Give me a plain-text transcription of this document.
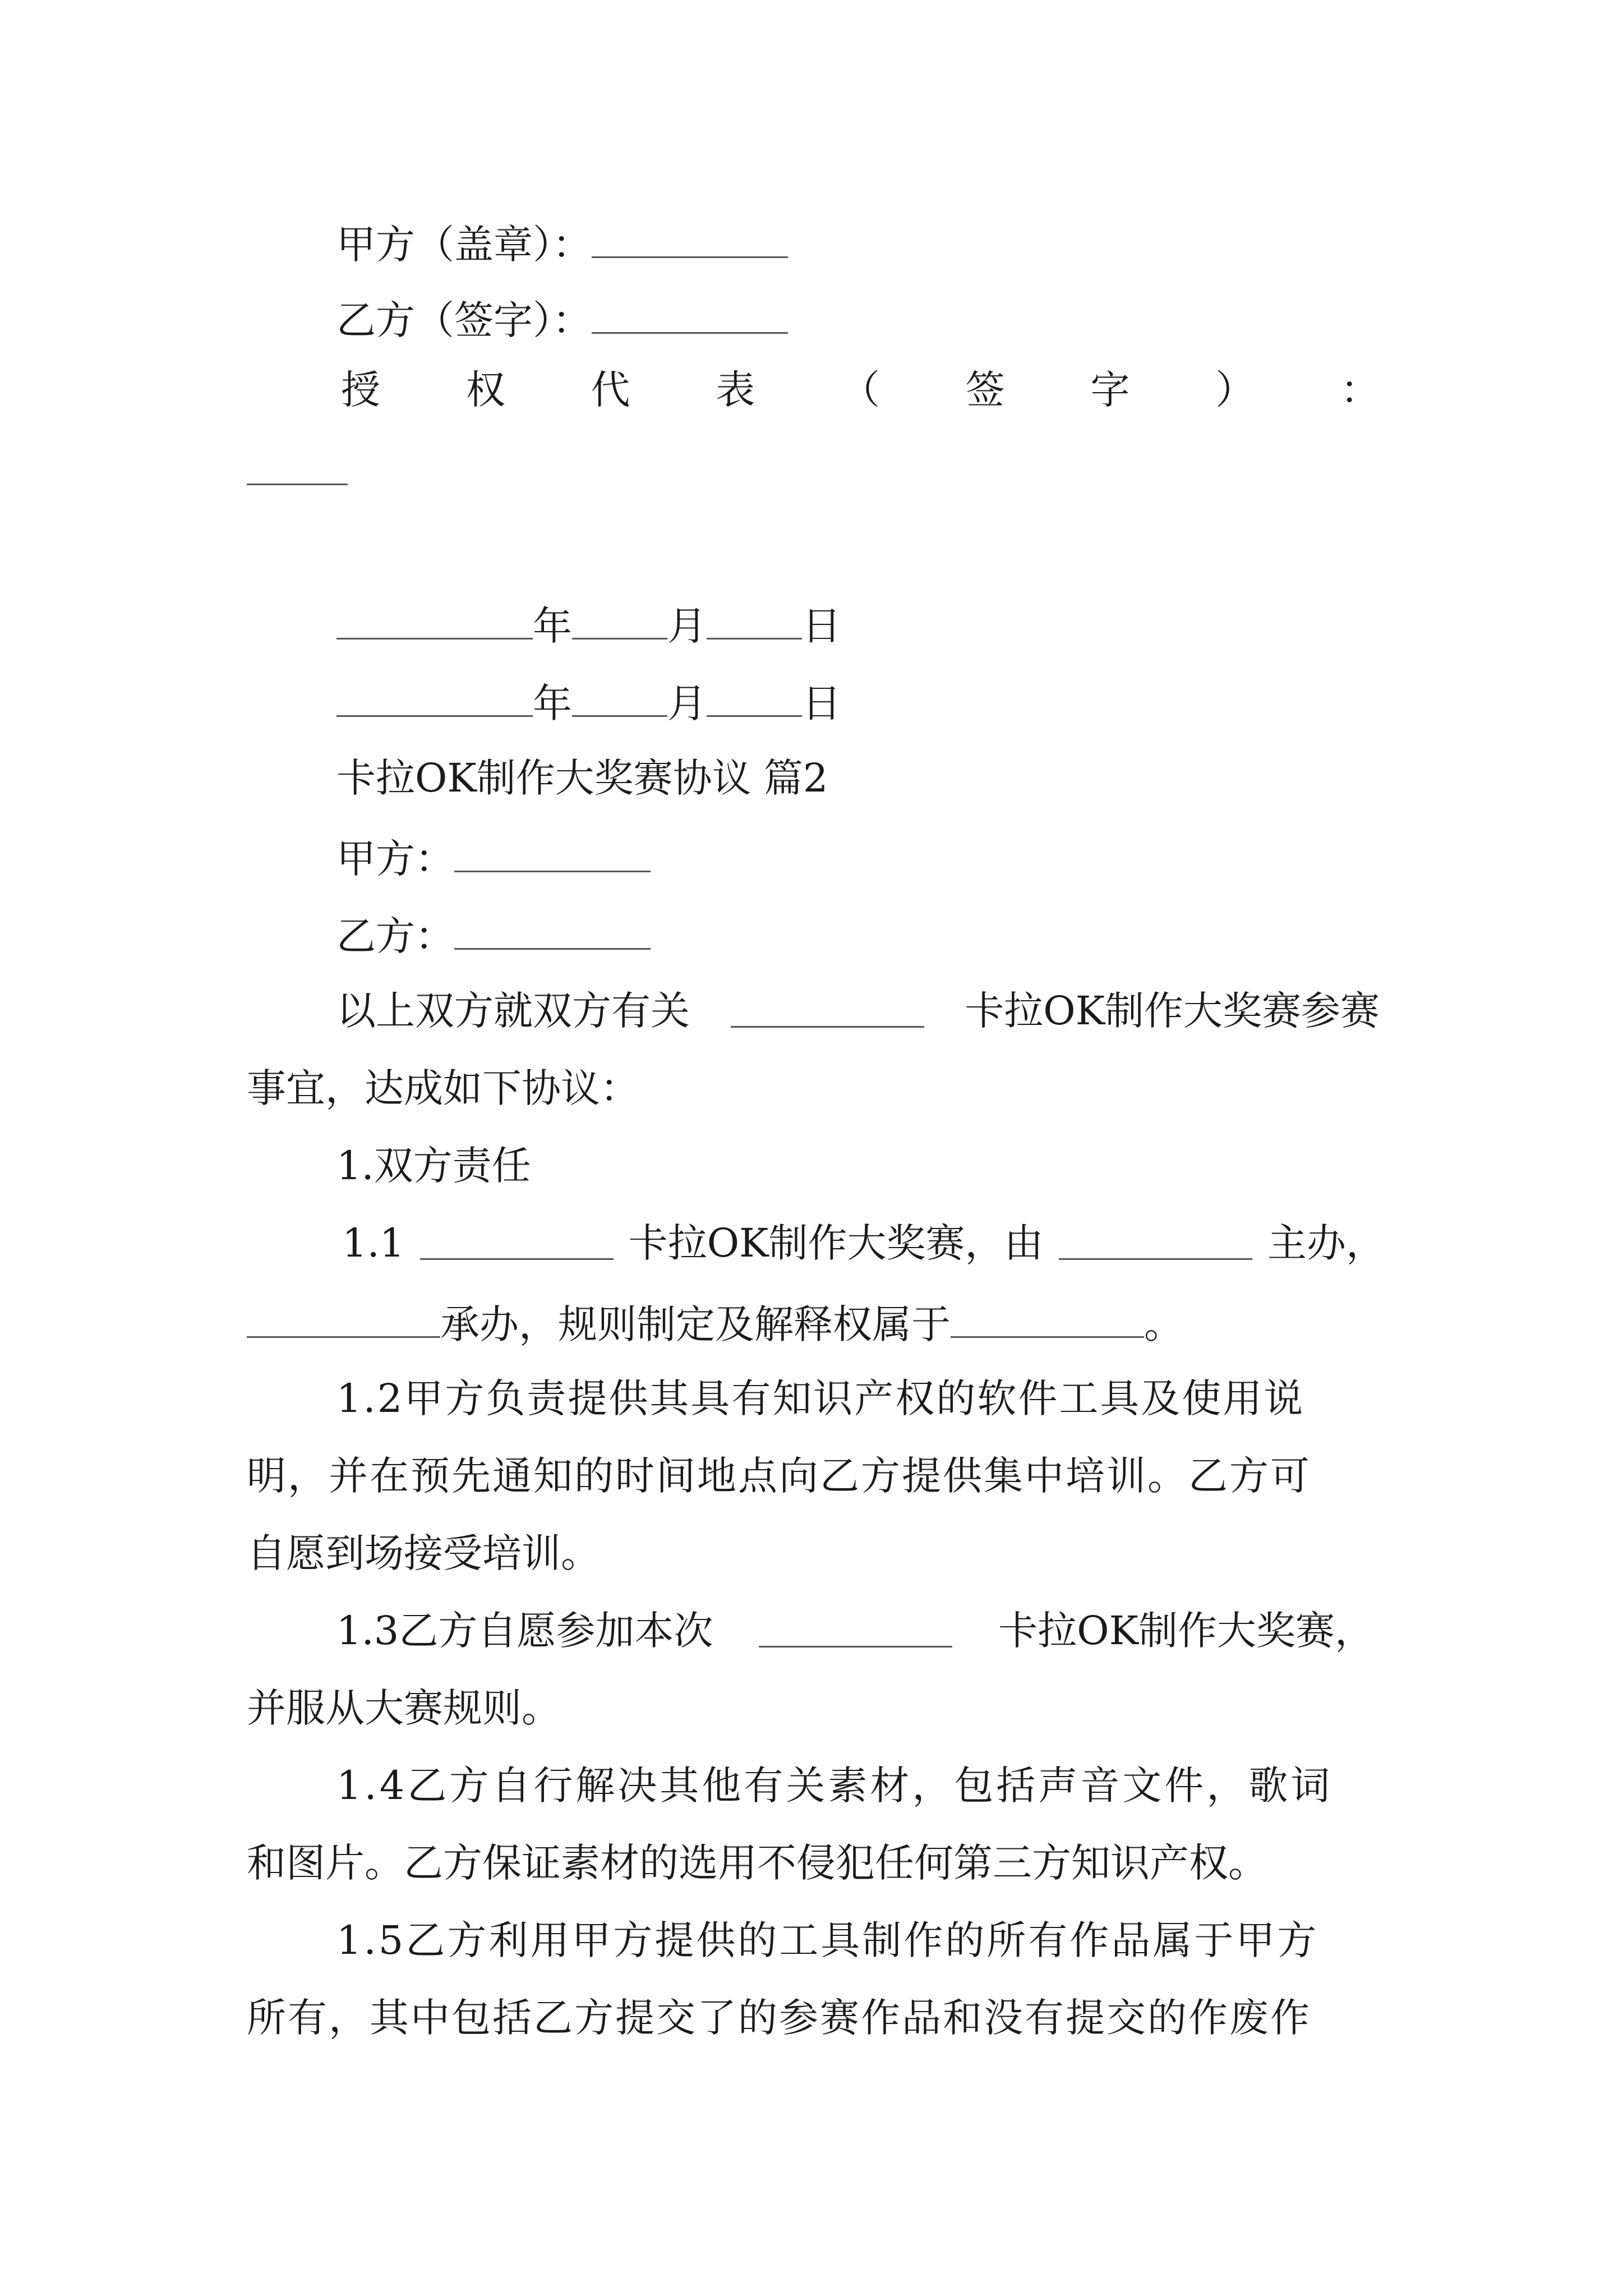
甲方（盖章）：
乙方（签字）：
授 权 代 表 （ 签 字 ） ：
年 月 日
年 月 日
卡拉OK制作大奖赛协议 篇2
甲方：
乙方：
以上双方就双方有关	卡拉OK制作大奖赛参赛
事宜，达成如下协议：
1.双方责任
1.1	卡拉OK制作大奖赛，由	主办，
承办，规则制定及解释权属于	。
1.2甲方负责提供其具有知识产权的软件工具及使用说
明，并在预先通知的时间地点向乙方提供集中培训。乙方可
自愿到场接受培训。
1.3乙方自愿参加本次	卡拉OK制作大奖赛，
并服从大赛规则。
1.4乙方自行解决其他有关素材，包括声音文件，歌词
和图片。乙方保证素材的选用不侵犯任何第三方知识产权。
1.5乙方利用甲方提供的工具制作的所有作品属于甲方
所有，其中包括乙方提交了的参赛作品和没有提交的作废作
